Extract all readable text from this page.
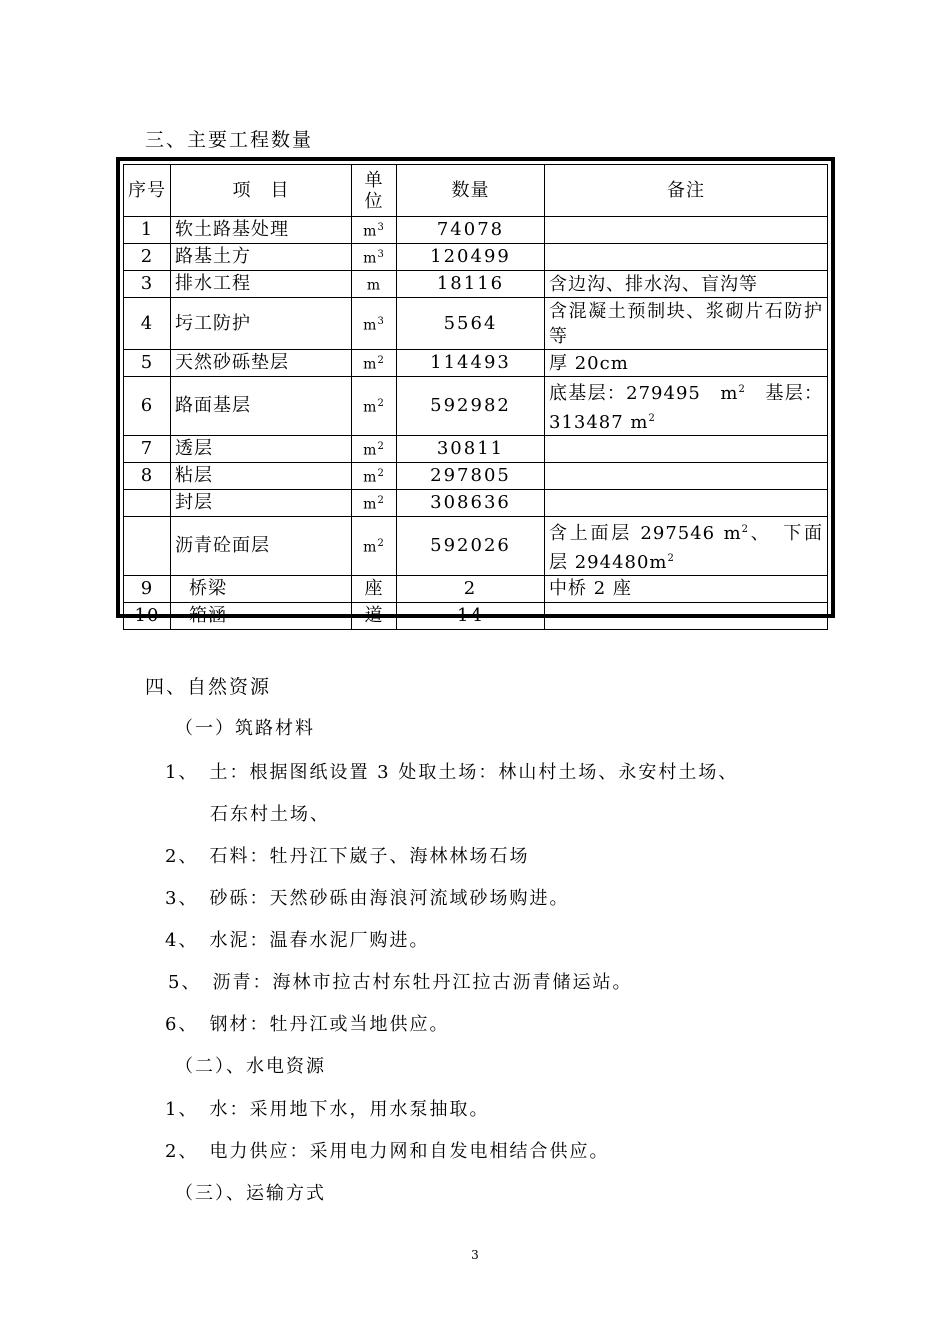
三、主要工程数量
序号	项　目	单位	数量	备注
1	软土路基处理	$m^3$	74078	
2	路基土方	$m^3$	120499	
3	排水工程	m	18116	含边沟、排水沟、盲沟等
4	圬工防护	$m^3$	5564	含混凝土预制块、浆砌片石防护等
5	天然砂砾垫层	$m^2$	114493	厚 20cm
6	路面基层	$m^2$	592982	底基层：279495　$m^2$　基层：313487 $m^2$
7	透层	$m^2$	30811	
8	粘层	$m^2$	297805	
	封层	$m^2$	308636	
	沥青砼面层	$m^2$	592026	含上面层 297546 $m^2$、　下面层 $294480m^2$
9	桥梁	座	2	中桥 2 座
10	箱涵	道	14	
四、自然资源
（一）筑路材料
1、　土：根据图纸设置 3 处取土场：林山村土场、永安村土场、
石东村土场、
2、　石料：牡丹江下崴子、海林林场石场
3、　砂砾：天然砂砾由海浪河流域砂场购进。
4、　水泥：温春水泥厂购进。
5、　沥青：海林市拉古村东牡丹江拉古沥青储运站。
6、　钢材：牡丹江或当地供应。
（二）、水电资源
1、　水：采用地下水，用水泵抽取。
2、　电力供应：采用电力网和自发电相结合供应。
（三）、运输方式
3
